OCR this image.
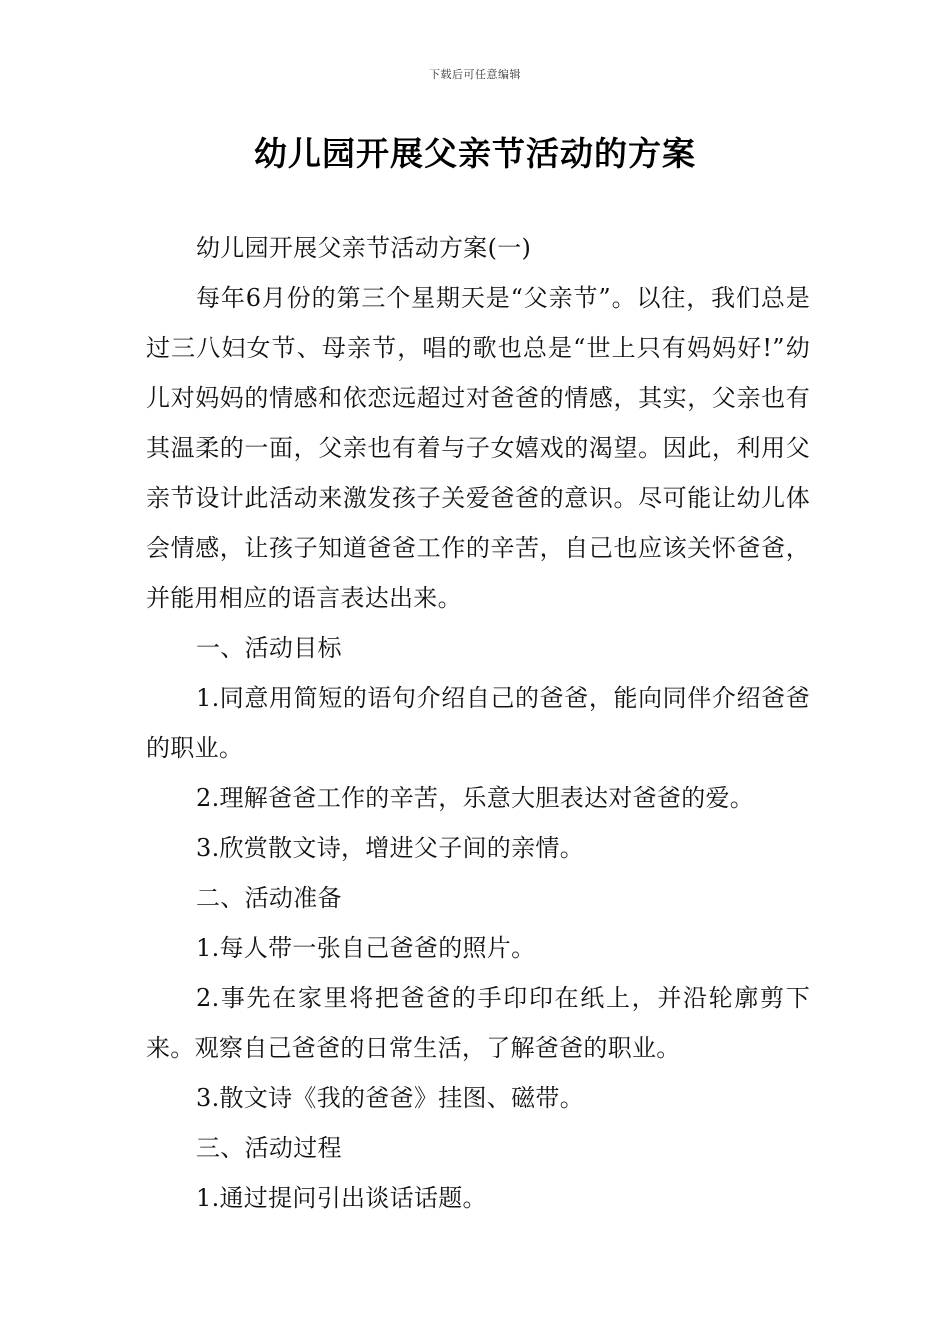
下载后可任意编辑
幼儿园开展父亲节活动的方案

幼儿园开展父亲节活动方案(一)

每年6月份的第三个星期天是“父亲节”。以往，我们总是过三八妇女节、母亲节，唱的歌也总是“世上只有妈妈好!”幼儿对妈妈的情感和依恋远超过对爸爸的情感，其实，父亲也有其温柔的一面，父亲也有着与子女嬉戏的渴望。因此，利用父亲节设计此活动来激发孩子关爱爸爸的意识。尽可能让幼儿体会情感，让孩子知道爸爸工作的辛苦，自己也应该关怀爸爸，并能用相应的语言表达出来。

一、活动目标

1.同意用简短的语句介绍自己的爸爸，能向同伴介绍爸爸的职业。

2.理解爸爸工作的辛苦，乐意大胆表达对爸爸的爱。

3.欣赏散文诗，增进父子间的亲情。

二、活动准备

1.每人带一张自己爸爸的照片。

2.事先在家里将把爸爸的手印印在纸上，并沿轮廓剪下来。观察自己爸爸的日常生活，了解爸爸的职业。

3.散文诗《我的爸爸》挂图、磁带。

三、活动过程

1.通过提问引出谈话话题。
